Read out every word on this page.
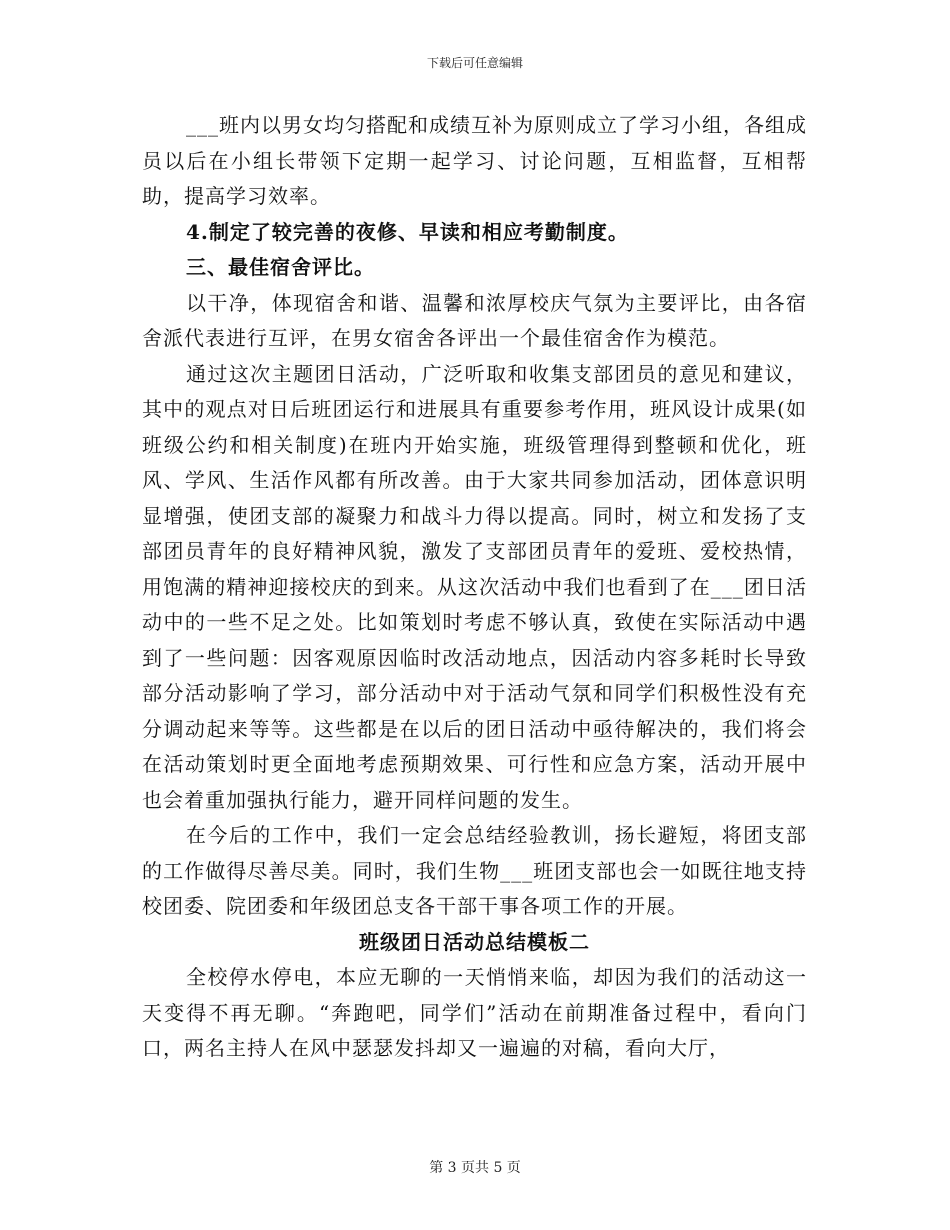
下载后可任意编辑

___班内以男女均匀搭配和成绩互补为原则成立了学习小组，各组成员以后在小组长带领下定期一起学习、讨论问题，互相监督，互相帮助，提高学习效率。

4.制定了较完善的夜修、早读和相应考勤制度。

三、最佳宿舍评比。

以干净，体现宿舍和谐、温馨和浓厚校庆气氛为主要评比，由各宿舍派代表进行互评，在男女宿舍各评出一个最佳宿舍作为模范。

通过这次主题团日活动，广泛听取和收集支部团员的意见和建议，其中的观点对日后班团运行和进展具有重要参考作用，班风设计成果(如班级公约和相关制度)在班内开始实施，班级管理得到整顿和优化，班风、学风、生活作风都有所改善。由于大家共同参加活动，团体意识明显增强，使团支部的凝聚力和战斗力得以提高。同时，树立和发扬了支部团员青年的良好精神风貌，激发了支部团员青年的爱班、爱校热情，用饱满的精神迎接校庆的到来。从这次活动中我们也看到了在___团日活动中的一些不足之处。比如策划时考虑不够认真，致使在实际活动中遇到了一些问题：因客观原因临时改活动地点，因活动内容多耗时长导致部分活动影响了学习，部分活动中对于活动气氛和同学们积极性没有充分调动起来等等。这些都是在以后的团日活动中亟待解决的，我们将会在活动策划时更全面地考虑预期效果、可行性和应急方案，活动开展中也会着重加强执行能力，避开同样问题的发生。

在今后的工作中，我们一定会总结经验教训，扬长避短，将团支部的工作做得尽善尽美。同时，我们生物___班团支部也会一如既往地支持校团委、院团委和年级团总支各干部干事各项工作的开展。

班级团日活动总结模板二

全校停水停电，本应无聊的一天悄悄来临，却因为我们的活动这一天变得不再无聊。“奔跑吧，同学们”活动在前期准备过程中，看向门口，两名主持人在风中瑟瑟发抖却又一遍遍的对稿，看向大厅，

第 3 页共 5 页
